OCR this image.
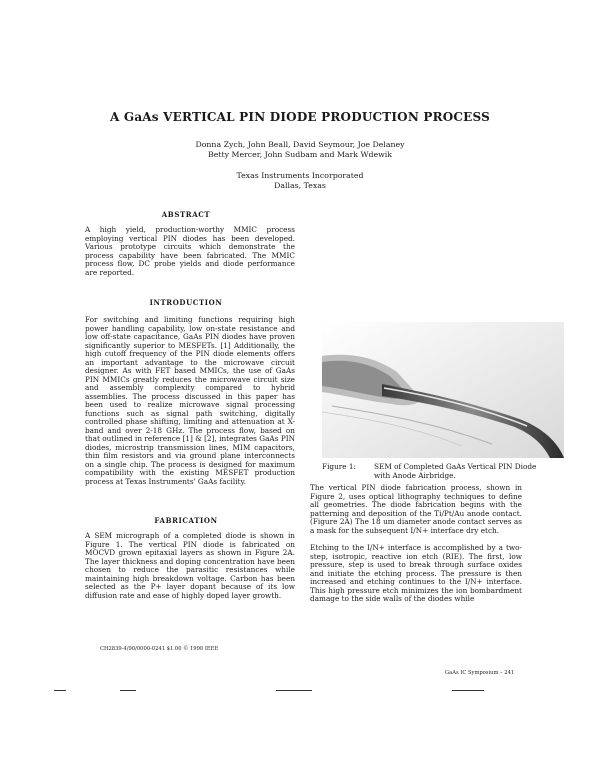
A GaAs VERTICAL PIN DIODE PRODUCTION PROCESS
Donna Zych, John Beall, David Seymour, Joe Delaney
Betty Mercer, John Sudbam and Mark Wdewik
Texas Instruments Incorporated
Dallas, Texas
ABSTRACT

A high yield, production-worthy MMIC process employing vertical PIN diodes has been developed. Various prototype circuits which demonstrate the process capability have been fabricated. The MMIC process flow, DC probe yields and diode performance are reported.

INTRODUCTION

For switching and limiting functions requiring high power handling capability, low on-state resistance and low off-state capacitance, GaAs PIN diodes have proven significantly superior to MESFETs. [1] Additionally, the high cutoff frequency of the PIN diode elements offers an important advantage to the microwave circuit designer. As with FET based MMICs, the use of GaAs PIN MMICs greatly reduces the microwave circuit size and assembly complexity compared to hybrid assemblies. The process discussed in this paper has been used to realize microwave signal processing functions such as signal path switching, digitally controlled phase shifting, limiting and attenuation at X-band and over 2-18 GHz. The process flow, based on that outlined in reference [1] & [2], integrates GaAs PIN diodes, microstrip transmission lines, MIM capacitors, thin film resistors and via ground plane interconnects on a single chip. The process is designed for maximum compatibility with the existing MESFET production process at Texas Instruments' GaAs facility.

FABRICATION

A SEM micrograph of a completed diode is shown in Figure 1. The vertical PIN diode is fabricated on MOCVD grown epitaxial layers as shown in Figure 2A. The layer thickness and doping concentration have been chosen to reduce the parasitic resistances while maintaining high breakdown voltage. Carbon has been selected as the P+ layer dopant because of its low diffusion rate and ease of highly doped layer growth.

Figure 1:	SEM of Completed GaAs Vertical PIN Diode with Anode Airbridge.

The vertical PIN diode fabrication process, shown in Figure 2, uses optical lithography techniques to define all geometries. The diode fabrication begins with the patterning and deposition of the Ti/Pt/Au anode contact. (Figure 2A) The 18 um diameter anode contact serves as a mask for the subsequent I/N+ interface dry etch.

Etching to the I/N+ interface is accomplished by a two-step, isotropic, reactive ion etch (RIE). The first, low pressure, step is used to break through surface oxides and initiate the etching process. The pressure is then increased and etching continues to the I/N+ interface. This high pressure etch minimizes the ion bombardment damage to the side walls of the diodes while

CH2839-4/90/0000-0241 $1.00 © 1990 IEEE
GaAs IC Symposium – 241
